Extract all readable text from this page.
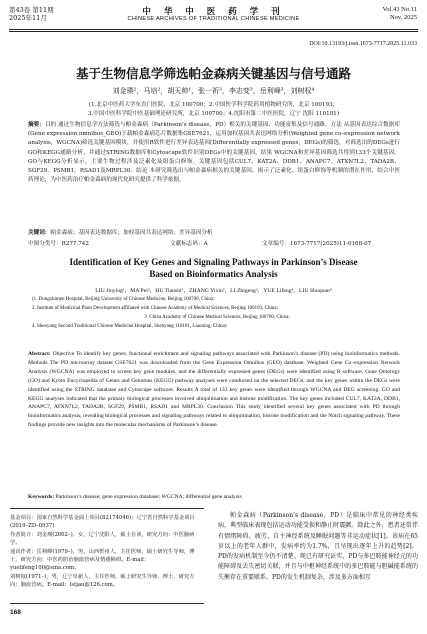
第43卷 第11期
2025年11月
中 华 中 医 药 学 刊
CHINESE ARCHIVES OF TRADITIONAL CHINESE MEDICINE
Vol.43 No.11
Nov. 2025
DOI:10.13193/j.issn.1673-7717.2025.11.033
基于生物信息学筛选帕金森病关键基因与信号通路
刘金瑛¹，马培²，胡天帅¹，张一祈³，李志变³，岳利峰³，刘树权⁴
(1.北京中医药大学东直门医院，北京 100700；2.中国医学科学院药用植物研究所，北京 100193；
3.中国中医科学院中医基础理论研究所，北京 100700；4.沈阳市第二中医医院，辽宁 沈阳 110101)
摘要：目的 通过生物信息学方法筛选与帕金森病（Parkinson’s disease，PD）相关的关键基因、功能富集及信号通路。方法 从基因表达综合数据库(Gene expression omnibus_GEO)下载帕金森病芯片数据集GSE7621，运用加权基因共表达网络分析(Weighted gene co–expression network analysis，WGCNA)筛选关键基因模块，并使用R软件进行差异表达基因(Differentially expressed genes，DEGs)的筛选。对筛选出的DEGs进行GO和KEGG通路分析，并通过STRING数据库和Cytoscape软件识别DEGs中的关键基因。结果 WGCNA和差异基因筛选共得到133个关键基因。GO与KEGG分析显示，主要生物过程涉及泛素化及组蛋白修饰。关键基因包括CUL7、KAT2A、DDB1、ANAPC7、ATXN7L2、TADA2B、SGF29、PSMB1、RSAD1及MRPL30。结论 本研究筛选出与帕金森病相关的关键基因，揭示了泛素化、组蛋白修饰等机制的潜在作用，结合中医药理论，为中医药治疗帕金森病的现代化研究提供了科学依据。
关键词：帕金森病；基因表达数据库；加权基因共表达网络；差异基因分析
中图分类号：R277.742	文献标志码：A	文章编号：1673-7717(2025)11-0168-07
Identification of Key Genes and Signaling Pathways in Parkinson’s Disease Based on Bioinformatics Analysis
LIU Jinying¹，MA Pei²，HU Tianshi¹，ZHANG Yixin³，LI Zhigeng³，YUE Lifeng³，LIU Shuquan⁴
(1. Dongzhimen Hospital, Beijing University of Chinese Medicine, Beijing 100700, China;
2. Institute of Medicinal Plant Development affiliated with Chinese Academy of Medical Sciences, Beijing 100193, China;
3. China Academy of Chinese Medical Sciences, Beijing 100700, China;
4. Shenyang Second Traditional Chinese Medicine Hospital, Shenyang 110101, Liaoning, China)
Abstract: Objective To identify key genes, functional enrichment and signaling pathways associated with Parkinson’s disease (PD) using bioinformatics methods. Methods The PD microarray dataset GSE7621 was downloaded from the Gene Expression Omnibus (GEO) database. Weighted Gene Co–expression Network Analysis (WGCNA) was employed to screen key gene modules, and the differentially expressed genes (DEGs) were identified using R software. Gene Ontology (GO) and Kyoto Encyclopedia of Genes and Genomes (KEGG) pathway analyses were conducted on the selected DEGs, and the key genes within the DEGs were identified using the STRING database and Cytoscape software. Results A total of 133 key genes were identified through WGCNA and DEG screening. GO and KEGG analyses indicated that the primary biological processes involved ubiquitination and histone modification. The key genes included CUL7, KAT2A, DDB1, ANAPC7, ATXN7L2, TADA2B, SGF29, PSMB1, RSAD1 and MRPL30. Conclusion This study identified several key genes associated with PD through bioinformatics analysis, revealing biological processes and signaling pathways related to ubiquitination, histone modification and the Notch signaling pathway. These findings provide new insights into the molecular mechanisms of Parkinson’s disease.
Keywords: Parkinson’s disease; gene expression database; WGCNA; differential gene analysis
基金项目：国家自然科学基金面上项目(82174046)；辽宁省自然科学基金项目(2019–ZD–0937)
作者简介：刘金瑛(2002–)，女，辽宁沈阳人，硕士在读，研究方向：中医脑病学。
通讯作者：岳利峰(1979–)，男，山西忻州人，主任医师，硕士研究生导师，博士，研究方向：中医药防治脑血管病及情感障碍。E-mail：yuelifeng100@sina.com。
刘树权(1971–)，男，辽宁阜新人，主任医师，硕士研究生导师，博士，研究方向：脑血管病。E-mail：lstjau@126.com。
帕金森病（Parkinson’s disease，PD）是临床中常见的神经类疾病，典型临床表现包括运动功能受损和静止时震颤。除此之外，患者还常伴有情绪障碍、疲劳、自主神经系统及睡眠问题等非运动症状[1]。该病在65岁以上的老年人群中，发病率约为1.7%，且呈现出逐年上升的趋势[2]。PD的发病机制至今仍不清楚。现已有研究证实，PD与多巴胺能神经元的功能障碍及丢失密切关联，并且与中枢神经系统中的多巴胺能与胆碱能系统的失衡存在重要联系。PD的发生机制复杂，涉及多方面相互
168
